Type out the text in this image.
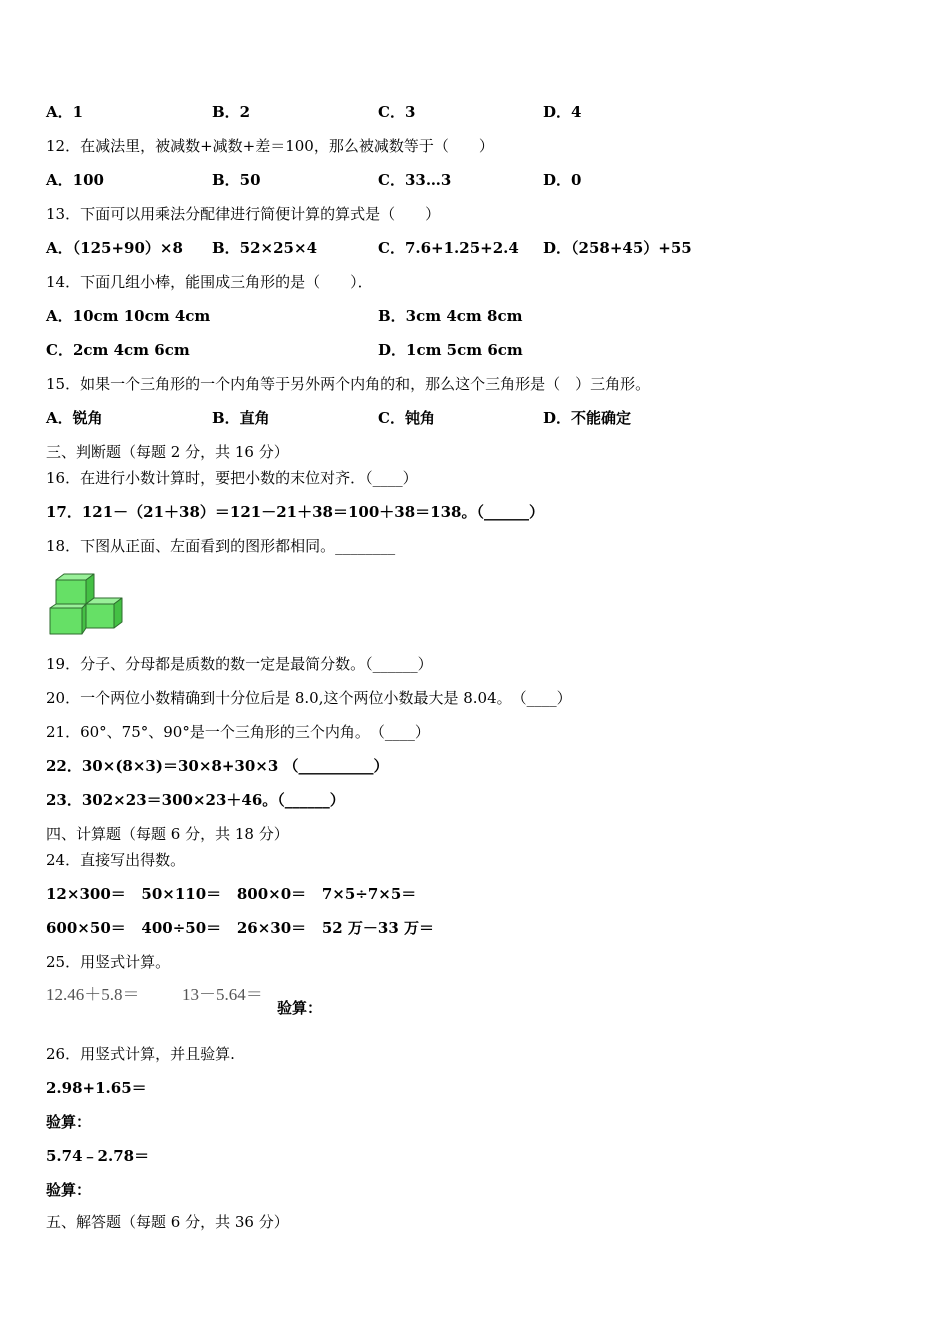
A．1	B．2	C．3	D．4
12．在减法里，被减数+减数+差＝100，那么被减数等于（　　）
A．100	B．50	C．33…3	D．0
13．下面可以用乘法分配律进行简便计算的算式是（　　）
A．（125+90）×8 B．52×25×4	C．7.6+1.25+2.4 D．（258+45）+55
14．下面几组小棒，能围成三角形的是（　　）．
A．10cm 10cm 4cm	B．3cm 4cm 8cm
C．2cm 4cm 6cm	D．1cm 5cm 6cm
15．如果一个三角形的一个内角等于另外两个内角的和，那么这个三角形是（　）三角形。
A．锐角	B．直角	C．钝角	D．不能确定
三、判断题（每题 2 分，共 16 分）
16．在进行小数计算时，要把小数的末位对齐．（____）
17．121－（21＋38）＝121－21＋38＝100＋38＝138。（______）
18．下图从正面、左面看到的图形都相同。________
19．分子、分母都是质数的数一定是最简分数。（______）
20．一个两位小数精确到十分位后是 8.0,这个两位小数最大是 8.04。　（____）
21．60°、75°、90°是一个三角形的三个内角。　（____）
22．30×(8×3)＝30×8+30×3 （__________）
23．302×23＝300×23＋46。（______）
四、计算题（每题 6 分，共 18 分）
24．直接写出得数。
12×300＝   50×110＝   800×0＝   7×5÷7×5＝
600×50＝   400÷50＝   26×30＝   52 万－33 万＝
25．用竖式计算。
12.46＋5.8＝	13－5.64＝
验算：
26．用竖式计算，并且验算.
2.98+1.65＝
验算：
5.74﹣2.78＝
验算：
五、解答题（每题 6 分，共 36 分）
